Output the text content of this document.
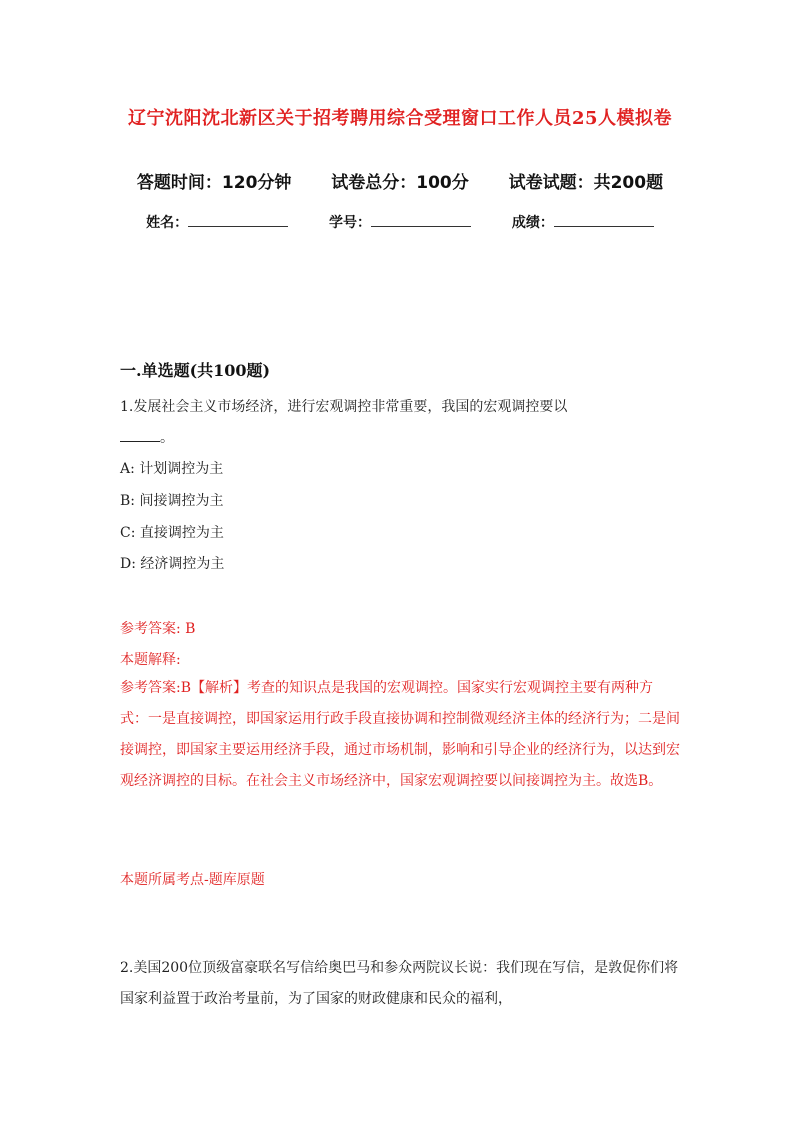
辽宁沈阳沈北新区关于招考聘用综合受理窗口工作人员25人模拟卷
答题时间：120分钟 试卷总分：100分 试卷试题：共200题
姓名：	学号：	成绩：
一.单选题(共100题)
1.发展社会主义市场经济，进行宏观调控非常重要，我国的宏观调控要以
。
A: 计划调控为主
B: 间接调控为主
C: 直接调控为主
D: 经济调控为主
参考答案: B
本题解释:
参考答案:B【解析】考查的知识点是我国的宏观调控。国家实行宏观调控主要有两种方式：一是直接调控，即国家运用行政手段直接协调和控制微观经济主体的经济行为；二是间接调控，即国家主要运用经济手段，通过市场机制，影响和引导企业的经济行为，以达到宏观经济调控的目标。在社会主义市场经济中，国家宏观调控要以间接调控为主。故选B。
本题所属考点-题库原题
2.美国200位顶级富豪联名写信给奥巴马和参众两院议长说：我们现在写信，是敦促你们将国家利益置于政治考量前，为了国家的财政健康和民众的福利，
